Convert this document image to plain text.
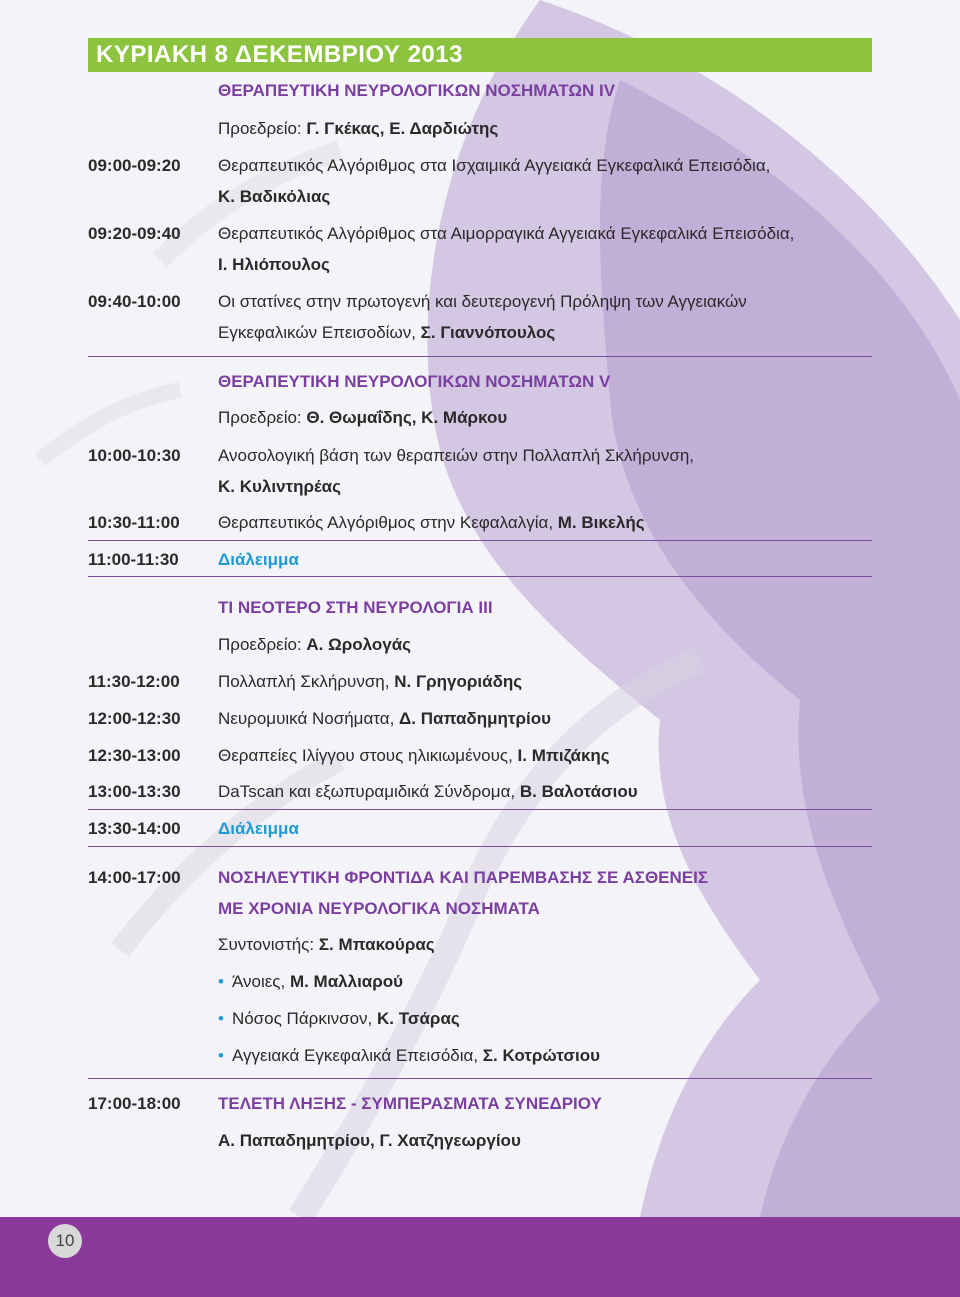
ΚΥΡΙΑΚΗ 8 ΔΕΚΕΜΒΡΙΟΥ 2013
ΘΕΡΑΠΕΥΤΙΚΗ ΝΕΥΡΟΛΟΓΙΚΩΝ ΝΟΣΗΜΑΤΩΝ IV
Προεδρείο: Γ. Γκέκας, Ε. Δαρδιώτης
09:00-09:20 Θεραπευτικός Αλγόριθμος στα Ισχαιμικά Αγγειακά Εγκεφαλικά Επεισόδια,
Κ. Βαδικόλιας
09:20-09:40 Θεραπευτικός Αλγόριθμος στα Αιμορραγικά Αγγειακά Εγκεφαλικά Επεισόδια,
Ι. Ηλιόπουλος
09:40-10:00 Οι στατίνες στην πρωτογενή και δευτερογενή Πρόληψη των Αγγειακών
Εγκεφαλικών Επεισοδίων, Σ. Γιαννόπουλος
ΘΕΡΑΠΕΥΤΙΚΗ ΝΕΥΡΟΛΟΓΙΚΩΝ ΝΟΣΗΜΑΤΩΝ V
Προεδρείο: Θ. Θωμαΐδης, Κ. Μάρκου
10:00-10:30 Ανοσολογική βάση των θεραπειών στην Πολλαπλή Σκλήρυνση,
Κ. Κυλιντηρέας
10:30-11:00 Θεραπευτικός Αλγόριθμος στην Κεφαλαλγία, Μ. Βικελής
11:00-11:30 Διάλειμμα
ΤΙ ΝΕΟΤΕΡΟ ΣΤΗ ΝΕΥΡΟΛΟΓΙΑ III
Προεδρείο: Α. Ωρολογάς
11:30-12:00 Πολλαπλή Σκλήρυνση, Ν. Γρηγοριάδης
12:00-12:30 Νευρομυικά Νοσήματα, Δ. Παπαδημητρίου
12:30-13:00 Θεραπείες Ιλίγγου στους ηλικιωμένους, Ι. Μπιζάκης
13:00-13:30 DaTscan και εξωπυραμιδικά Σύνδρομα, Β. Βαλοτάσιου
13:30-14:00 Διάλειμμα
14:00-17:00 ΝΟΣΗΛΕΥΤΙΚΗ ΦΡΟΝΤΙΔΑ ΚΑΙ ΠΑΡΕΜΒΑΣΗΣ ΣΕ ΑΣΘΕΝΕΙΣ
ΜΕ ΧΡΟΝΙΑ ΝΕΥΡΟΛΟΓΙΚΑ ΝΟΣΗΜΑΤΑ
Συντονιστής: Σ. Μπακούρας
• Άνοιες, Μ. Μαλλιαρού
• Νόσος Πάρκινσον, Κ. Τσάρας
• Αγγειακά Εγκεφαλικά Επεισόδια, Σ. Κοτρώτσιου
17:00-18:00 ΤΕΛΕΤΗ ΛΗΞΗΣ - ΣΥΜΠΕΡΑΣΜΑΤΑ ΣΥΝΕΔΡΙΟΥ
Α. Παπαδημητρίου, Γ. Χατζηγεωργίου
10
